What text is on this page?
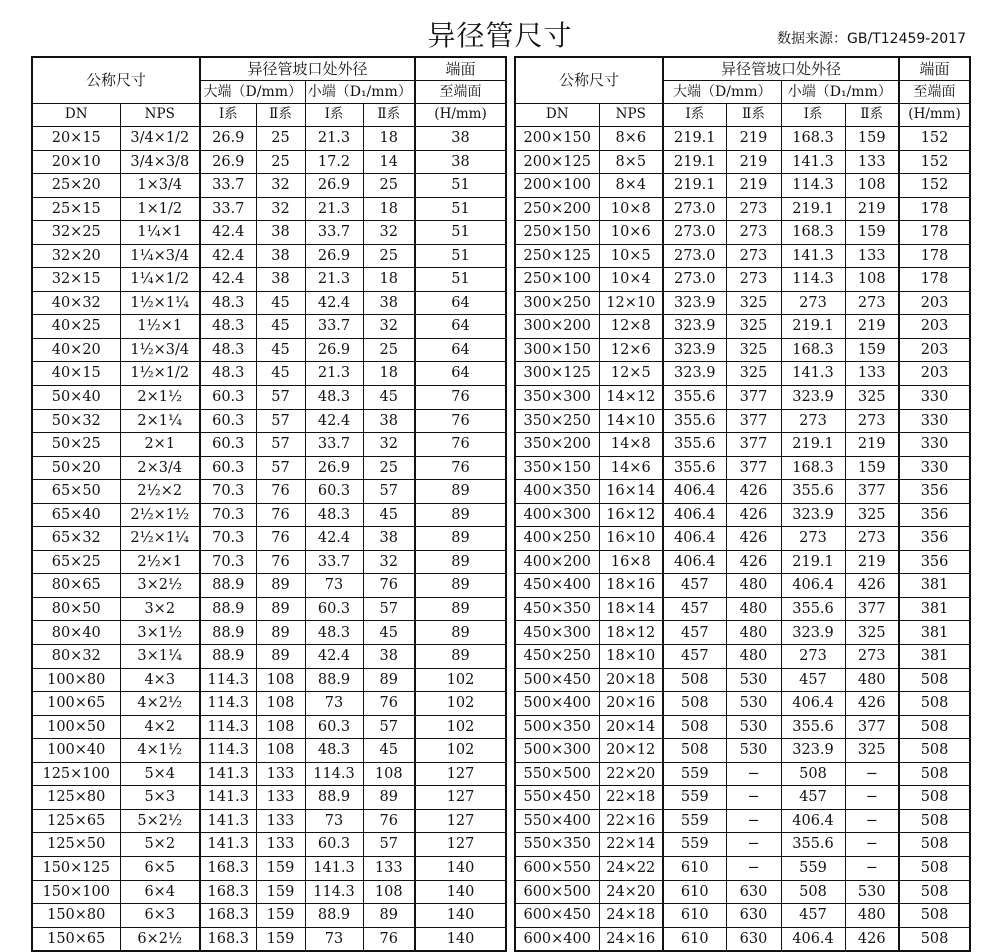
异径管尺寸	数据来源：GB/T12459-2017
公称尺寸		异径管坡口处外径				端面
		大端（D/mm）		小端（D₁/mm）		至端面
DN	NPS	Ⅰ系	Ⅱ系	Ⅰ系	Ⅱ系	(H/mm)
20×15	3/4×1/2	26.9	25	21.3	18	38
20×10	3/4×3/8	26.9	25	17.2	14	38
25×20	1×3/4	33.7	32	26.9	25	51
25×15	1×1/2	33.7	32	21.3	18	51
32×25	1¼×1	42.4	38	33.7	32	51
32×20	1¼×3/4	42.4	38	26.9	25	51
32×15	1¼×1/2	42.4	38	21.3	18	51
40×32	1½×1¼	48.3	45	42.4	38	64
40×25	1½×1	48.3	45	33.7	32	64
40×20	1½×3/4	48.3	45	26.9	25	64
40×15	1½×1/2	48.3	45	21.3	18	64
50×40	2×1½	60.3	57	48.3	45	76
50×32	2×1¼	60.3	57	42.4	38	76
50×25	2×1	60.3	57	33.7	32	76
50×20	2×3/4	60.3	57	26.9	25	76
65×50	2½×2	70.3	76	60.3	57	89
65×40	2½×1½	70.3	76	48.3	45	89
65×32	2½×1¼	70.3	76	42.4	38	89
65×25	2½×1	70.3	76	33.7	32	89
80×65	3×2½	88.9	89	73	76	89
80×50	3×2	88.9	89	60.3	57	89
80×40	3×1½	88.9	89	48.3	45	89
80×32	3×1¼	88.9	89	42.4	38	89
100×80	4×3	114.3	108	88.9	89	102
100×65	4×2½	114.3	108	73	76	102
100×50	4×2	114.3	108	60.3	57	102
100×40	4×1½	114.3	108	48.3	45	102
125×100	5×4	141.3	133	114.3	108	127
125×80	5×3	141.3	133	88.9	89	127
125×65	5×2½	141.3	133	73	76	127
125×50	5×2	141.3	133	60.3	57	127
150×125	6×5	168.3	159	141.3	133	140
150×100	6×4	168.3	159	114.3	108	140
150×80	6×3	168.3	159	88.9	89	140
150×65	6×2½	168.3	159	73	76	140
公称尺寸		异径管坡口处外径				端面
		大端（D/mm）		小端（D₁/mm）		至端面
DN	NPS	Ⅰ系	Ⅱ系	Ⅰ系	Ⅱ系	(H/mm)
200×150	8×6	219.1	219	168.3	159	152
200×125	8×5	219.1	219	141.3	133	152
200×100	8×4	219.1	219	114.3	108	152
250×200	10×8	273.0	273	219.1	219	178
250×150	10×6	273.0	273	168.3	159	178
250×125	10×5	273.0	273	141.3	133	178
250×100	10×4	273.0	273	114.3	108	178
300×250	12×10	323.9	325	273	273	203
300×200	12×8	323.9	325	219.1	219	203
300×150	12×6	323.9	325	168.3	159	203
300×125	12×5	323.9	325	141.3	133	203
350×300	14×12	355.6	377	323.9	325	330
350×250	14×10	355.6	377	273	273	330
350×200	14×8	355.6	377	219.1	219	330
350×150	14×6	355.6	377	168.3	159	330
400×350	16×14	406.4	426	355.6	377	356
400×300	16×12	406.4	426	323.9	325	356
400×250	16×10	406.4	426	273	273	356
400×200	16×8	406.4	426	219.1	219	356
450×400	18×16	457	480	406.4	426	381
450×350	18×14	457	480	355.6	377	381
450×300	18×12	457	480	323.9	325	381
450×250	18×10	457	480	273	273	381
500×450	20×18	508	530	457	480	508
500×400	20×16	508	530	406.4	426	508
500×350	20×14	508	530	355.6	377	508
500×300	20×12	508	530	323.9	325	508
550×500	22×20	559	−	508	−	508
550×450	22×18	559	−	457	−	508
550×400	22×16	559	−	406.4	−	508
550×350	22×14	559	−	355.6	−	508
600×550	24×22	610	−	559	−	508
600×500	24×20	610	630	508	530	508
600×450	24×18	610	630	457	480	508
600×400	24×16	610	630	406.4	426	508
